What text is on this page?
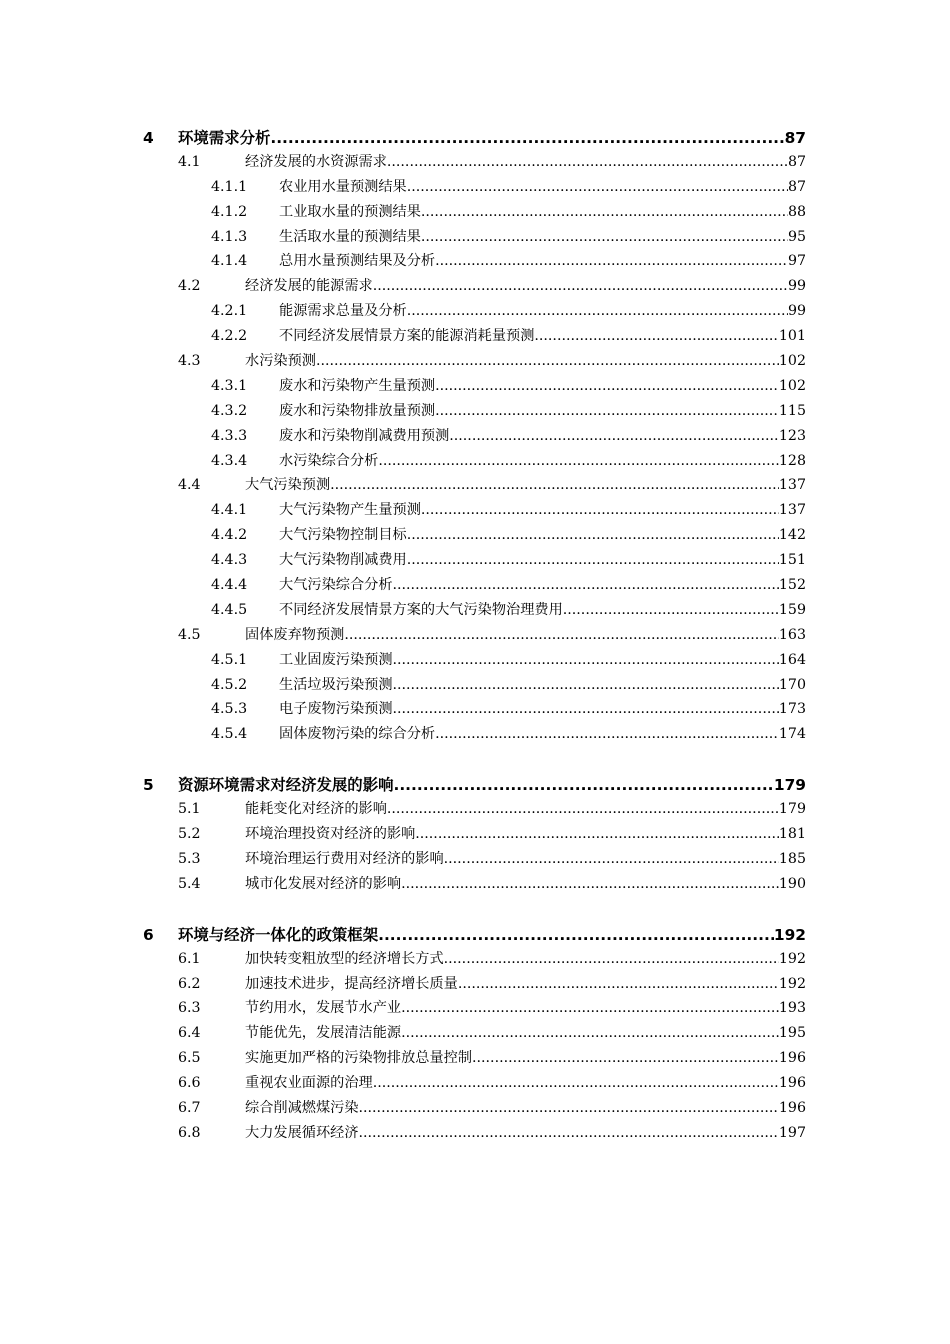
4	环境需求分析 .....	87
4.1	经济发展的水资源需求 .....	87
4.1.1	农业用水量预测结果 .....	87
4.1.2	工业取水量的预测结果 .....	88
4.1.3	生活取水量的预测结果 .....	95
4.1.4	总用水量预测结果及分析 .....	97
4.2	经济发展的能源需求 .....	99
4.2.1	能源需求总量及分析 .....	99
4.2.2	不同经济发展情景方案的能源消耗量预测 .....	101
4.3	水污染预测 .....	102
4.3.1	废水和污染物产生量预测 .....	102
4.3.2	废水和污染物排放量预测 .....	115
4.3.3	废水和污染物削减费用预测 .....	123
4.3.4	水污染综合分析 .....	128
4.4	大气污染预测 .....	137
4.4.1	大气污染物产生量预测 .....	137
4.4.2	大气污染物控制目标 .....	142
4.4.3	大气污染物削减费用 .....	151
4.4.4	大气污染综合分析 .....	152
4.4.5	不同经济发展情景方案的大气污染物治理费用 .....	159
4.5	固体废弃物预测 .....	163
4.5.1	工业固废污染预测 .....	164
4.5.2	生活垃圾污染预测 .....	170
4.5.3	电子废物污染预测 .....	173
4.5.4	固体废物污染的综合分析 .....	174
5	资源环境需求对经济发展的影响 .....	179
5.1	能耗变化对经济的影响 .....	179
5.2	环境治理投资对经济的影响 .....	181
5.3	环境治理运行费用对经济的影响 .....	185
5.4	城市化发展对经济的影响 .....	190
6	环境与经济一体化的政策框架 .....	192
6.1	加快转变粗放型的经济增长方式 .....	192
6.2	加速技术进步，提高经济增长质量 .....	192
6.3	节约用水，发展节水产业 .....	193
6.4	节能优先，发展清洁能源 .....	195
6.5	实施更加严格的污染物排放总量控制 .....	196
6.6	重视农业面源的治理 .....	196
6.7	综合削减燃煤污染 .....	196
6.8	大力发展循环经济 .....	197
